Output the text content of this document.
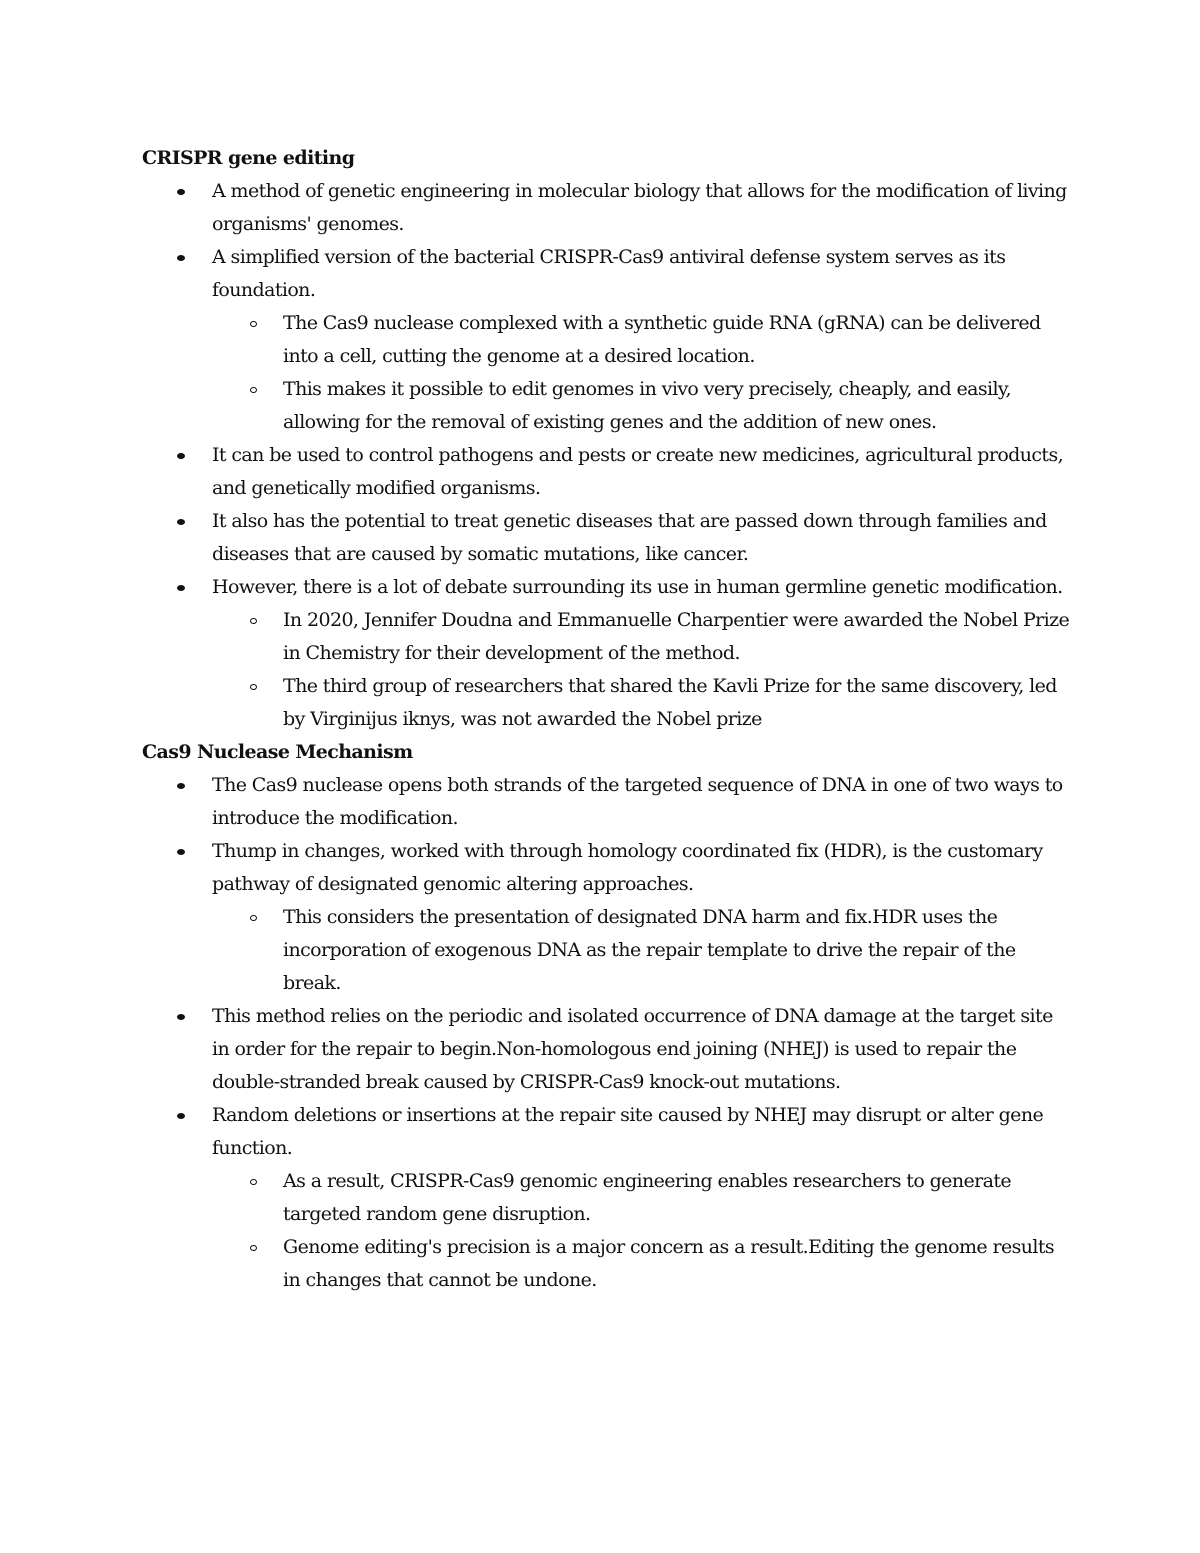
CRISPR gene editing
A method of genetic engineering in molecular biology that allows for the modification of living organisms' genomes.
A simplified version of the bacterial CRISPR-Cas9 antiviral defense system serves as its foundation.
The Cas9 nuclease complexed with a synthetic guide RNA (gRNA) can be delivered into a cell, cutting the genome at a desired location.
This makes it possible to edit genomes in vivo very precisely, cheaply, and easily, allowing for the removal of existing genes and the addition of new ones.
It can be used to control pathogens and pests or create new medicines, agricultural products, and genetically modified organisms.
It also has the potential to treat genetic diseases that are passed down through families and diseases that are caused by somatic mutations, like cancer.
However, there is a lot of debate surrounding its use in human germline genetic modification.
In 2020, Jennifer Doudna and Emmanuelle Charpentier were awarded the Nobel Prize in Chemistry for their development of the method.
The third group of researchers that shared the Kavli Prize for the same discovery, led by Virginijus iknys, was not awarded the Nobel prize
Cas9 Nuclease Mechanism
The Cas9 nuclease opens both strands of the targeted sequence of DNA in one of two ways to introduce the modification.
Thump in changes, worked with through homology coordinated fix (HDR), is the customary pathway of designated genomic altering approaches.
This considers the presentation of designated DNA harm and fix.HDR uses the incorporation of exogenous DNA as the repair template to drive the repair of the break.
This method relies on the periodic and isolated occurrence of DNA damage at the target site in order for the repair to begin.Non-homologous end joining (NHEJ) is used to repair the double-stranded break caused by CRISPR-Cas9 knock-out mutations.
Random deletions or insertions at the repair site caused by NHEJ may disrupt or alter gene function.
As a result, CRISPR-Cas9 genomic engineering enables researchers to generate targeted random gene disruption.
Genome editing's precision is a major concern as a result.Editing the genome results in changes that cannot be undone.
